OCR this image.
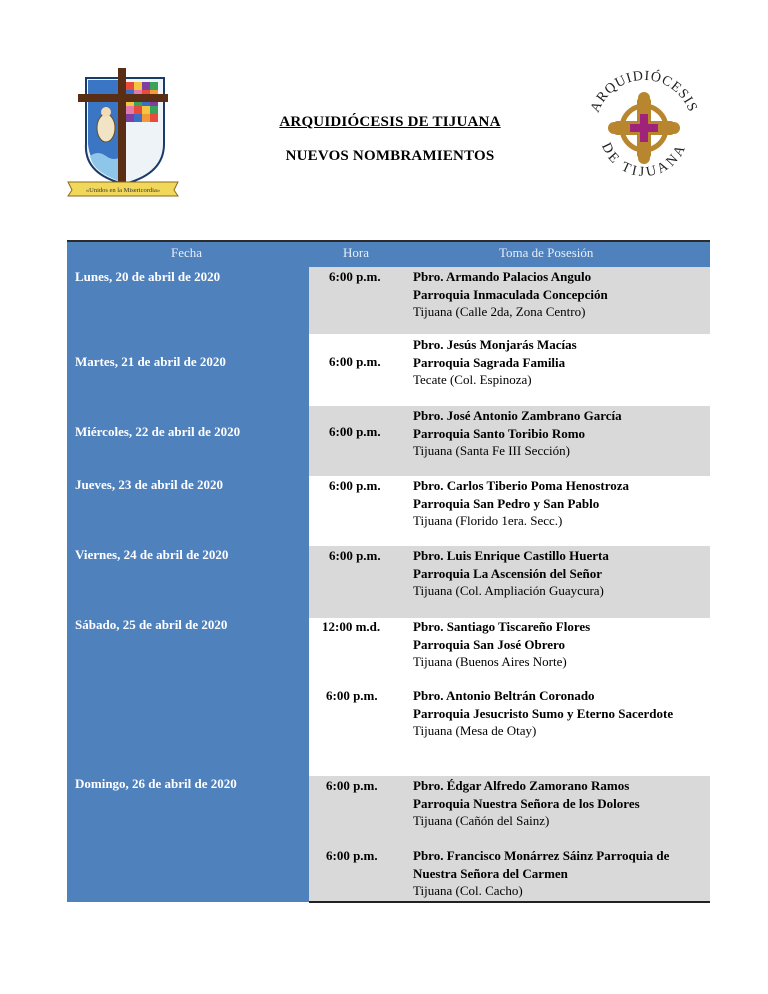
«Unidos en la Misericordia»
ARQUIDIÓCESIS
DE TIJUANA
ARQUIDIÓCESIS DE TIJUANA
NUEVOS NOMBRAMIENTOS
Fecha	Hora	Toma de Posesión
Lunes, 20 de abril de 2020
Martes, 21 de abril de 2020
Miércoles, 22 de abril de 2020
Jueves, 23 de abril de 2020
Viernes, 24 de abril de 2020
Sábado, 25 de abril de 2020
Domingo, 26 de abril de 2020
6:00 p.m.
6:00 p.m.
6:00 p.m.
6:00 p.m.
6:00 p.m.
12:00 m.d.
6:00 p.m.
6:00 p.m.
6:00 p.m.
Pbro. Armando Palacios Angulo
Parroquia Inmaculada Concepción
Tijuana (Calle 2da, Zona Centro)
Pbro. Jesús Monjarás Macías
Parroquia Sagrada Familia
Tecate (Col. Espinoza)
Pbro. José Antonio Zambrano García
Parroquia Santo Toribio Romo
Tijuana (Santa Fe III Sección)
Pbro. Carlos Tiberio Poma Henostroza
Parroquia San Pedro y San Pablo
Tijuana (Florido 1era. Secc.)
Pbro. Luis Enrique Castillo Huerta
Parroquia La Ascensión del Señor
Tijuana (Col. Ampliación Guaycura)
Pbro. Santiago Tiscareño Flores
Parroquia San José Obrero
Tijuana (Buenos Aires Norte)
Pbro. Antonio Beltrán Coronado
Parroquia Jesucristo Sumo y Eterno Sacerdote
Tijuana (Mesa de Otay)
Pbro. Édgar Alfredo Zamorano Ramos
Parroquia Nuestra Señora de los Dolores
Tijuana (Cañón del Sainz)
Pbro. Francisco Monárrez Sáinz Parroquia de Nuestra Señora del Carmen
Tijuana (Col. Cacho)
